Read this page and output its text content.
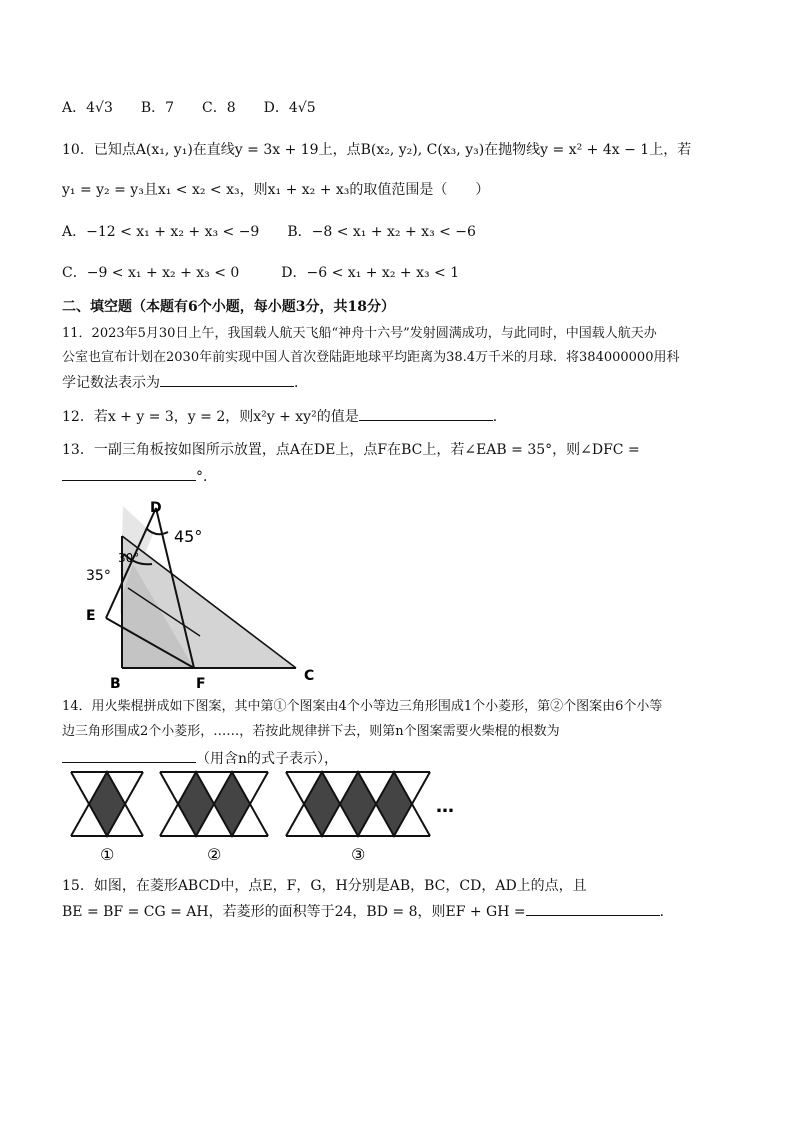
A．4√3　　B．7　　C．8　　D．4√5
10．已知点A(x₁, y₁)在直线y = 3x + 19上，点B(x₂, y₂), C(x₃, y₃)在抛物线y = x² + 4x − 1上，若
y₁ = y₂ = y₃且x₁ < x₂ < x₃，则x₁ + x₂ + x₃的取值范围是（　　）
A．−12 < x₁ + x₂ + x₃ < −9　　B．−8 < x₁ + x₂ + x₃ < −6
C．−9 < x₁ + x₂ + x₃ < 0　　　D．−6 < x₁ + x₂ + x₃ < 1
二、填空题（本题有6个小题，每小题3分，共18分）
11．2023年5月30日上午，我国载人航天飞船“神舟十六号”发射圆满成功，与此同时，中国载人航天办
公室也宣布计划在2030年前实现中国人首次登陆距地球平均距离为38.4万千米的月球．将384000000用科
学记数法表示为	．
12．若x + y = 3，y = 2，则x²y + xy²的值是	．
13．一副三角板按如图所示放置，点A在DE上，点F在BC上，若∠EAB = 35°，则∠DFC =
°．
D
45°
35°
30°
E
B	F	C
14．用火柴棍拼成如下图案，其中第①个图案由4个小等边三角形围成1个小菱形，第②个图案由6个小等
边三角形围成2个小菱形，……，若按此规律拼下去，则第n个图案需要火柴棍的根数为
（用含n的式子表示），
①	②	③
…
15．如图，在菱形ABCD中，点E，F，G，H分别是AB，BC，CD，AD上的点，且
BE = BF = CG = AH，若菱形的面积等于24，BD = 8，则EF + GH =	．
